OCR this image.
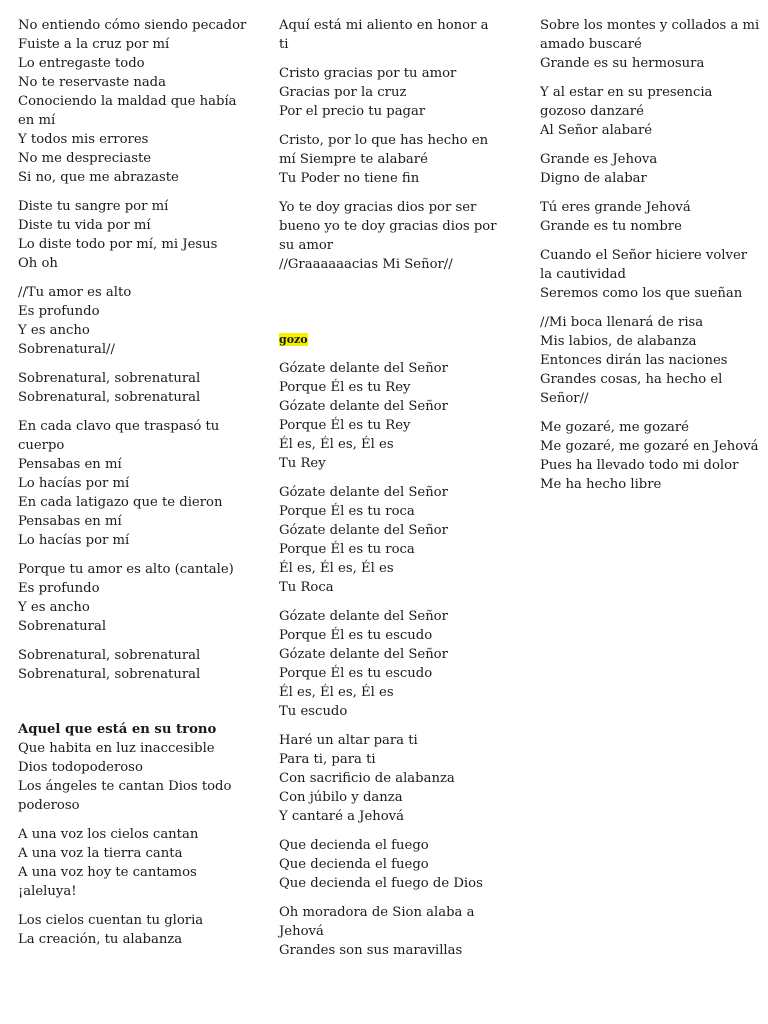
No entiendo cómo siendo pecador
Fuiste a la cruz por mí
Lo entregaste todo
No te reservaste nada
Conociendo la maldad que había en mí
Y todos mis errores
No me despreciaste
Si no, que me abrazaste
Diste tu sangre por mí
Diste tu vida por mí
Lo diste todo por mí, mi Jesus
Oh oh
//Tu amor es alto
Es profundo
Y es ancho
Sobrenatural//
Sobrenatural, sobrenatural
Sobrenatural, sobrenatural
En cada clavo que traspasó tu cuerpo
Pensabas en mí
Lo hacías por mí
En cada latigazo que te dieron
Pensabas en mí
Lo hacías por mí
Porque tu amor es alto (cantale)
Es profundo
Y es ancho
Sobrenatural
Sobrenatural, sobrenatural
Sobrenatural, sobrenatural
Aquel que está en su trono
Que habita en luz inaccesible
Dios todopoderoso
Los ángeles te cantan Dios todo poderoso
A una voz los cielos cantan
A una voz la tierra canta
A una voz hoy te cantamos
¡aleluya!
Los cielos cuentan tu gloria
La creación, tu alabanza
Aquí está mi aliento en honor a ti
Cristo gracias por tu amor
Gracias por la cruz
Por el precio tu pagar
Cristo, por lo que has hecho en mí Siempre te alabaré
Tu Poder no tiene fin
Yo te doy gracias dios por ser bueno yo te doy gracias dios por su amor
//Graaaaaacias Mi Señor//
gozo
Gózate delante del Señor
Porque Él es tu Rey
Gózate delante del Señor
Porque Él es tu Rey
Él es, Él es, Él es
Tu Rey
Gózate delante del Señor
Porque Él es tu roca
Gózate delante del Señor
Porque Él es tu roca
Él es, Él es, Él es
Tu Roca
Gózate delante del Señor
Porque Él es tu escudo
Gózate delante del Señor
Porque Él es tu escudo
Él es, Él es, Él es
Tu escudo
Haré un altar para ti
Para ti, para ti
Con sacrificio de alabanza
Con júbilo y danza
Y cantaré a Jehová
Que decienda el fuego
Que decienda el fuego
Que decienda el fuego de Dios
Oh moradora de Sion alaba a Jehová
Grandes son sus maravillas
Sobre los montes y collados a mi amado buscaré
Grande es su hermosura
Y al estar en su presencia gozoso danzaré
Al Señor alabaré
Grande es Jehova
Digno de alabar
Tú eres grande Jehová
Grande es tu nombre
Cuando el Señor hiciere volver la cautividad
Seremos como los que sueñan
//Mi boca llenará de risa
Mis labios, de alabanza
Entonces dirán las naciones
Grandes cosas, ha hecho el Señor//
Me gozaré, me gozaré
Me gozaré, me gozaré en Jehová
Pues ha llevado todo mi dolor
Me ha hecho libre
